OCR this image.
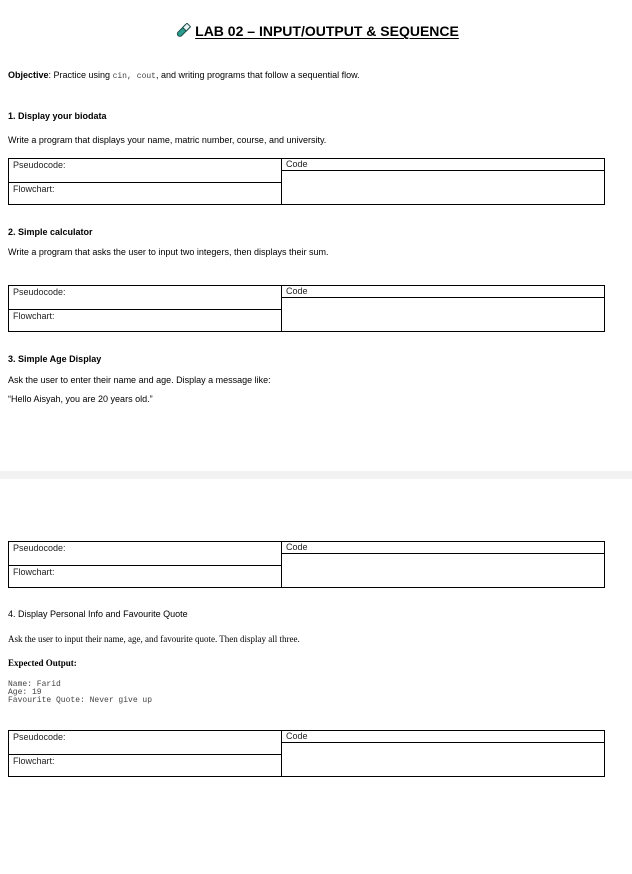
LAB 02 – INPUT/OUTPUT & SEQUENCE
Objective: Practice using cin, cout, and writing programs that follow a sequential flow.
1. Display your biodata
Write a program that displays your name, matric number, course, and university.
Pseudocode:
Flowchart:
Code
2. Simple calculator
Write a program that asks the user to input two integers, then displays their sum.
Pseudocode:
Flowchart:
Code
3. Simple Age Display
Ask the user to enter their name and age. Display a message like:
“Hello Aisyah, you are 20 years old.”
Pseudocode:
Flowchart:
Code
4. Display Personal Info and Favourite Quote
Ask the user to input their name, age, and favourite quote. Then display all three.
Expected Output:
Name: Farid
Age: 19
Favourite Quote: Never give up
Pseudocode:
Flowchart:
Code
